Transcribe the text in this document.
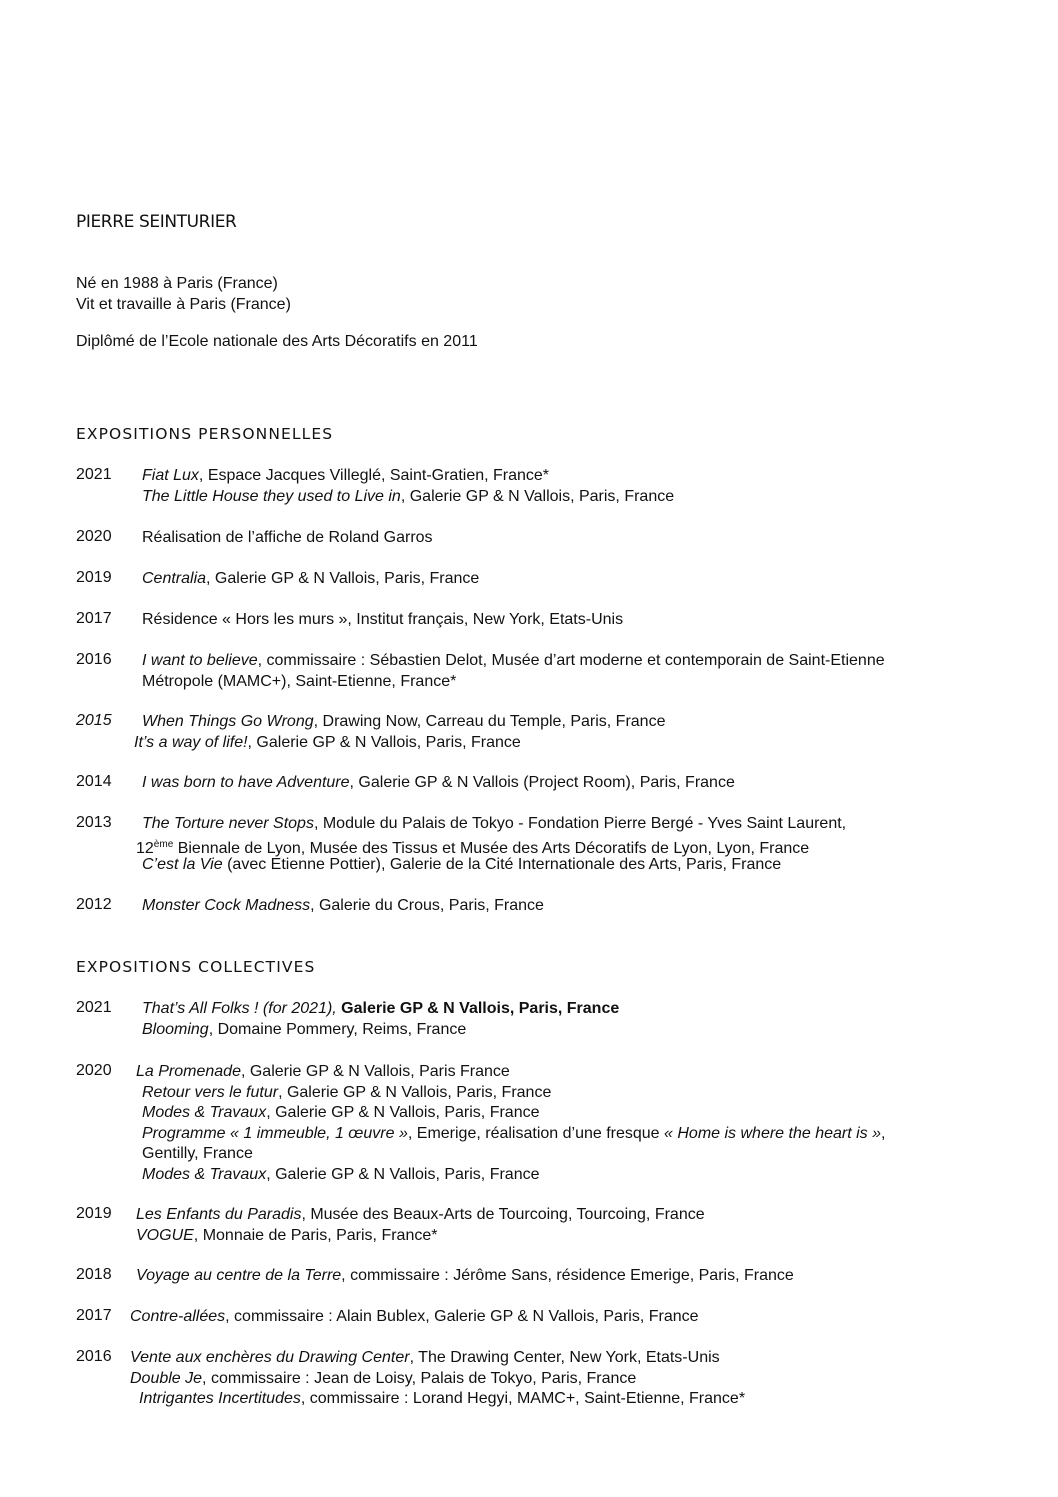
PIERRE SEINTURIER
Né en 1988 à Paris (France)
Vit et travaille à Paris (France)
Diplômé de l’Ecole nationale des Arts Décoratifs en 2011
EXPOSITIONS PERSONNELLES
2021 Fiat Lux, Espace Jacques Villeglé, Saint-Gratien, France*
The Little House they used to Live in, Galerie GP & N Vallois, Paris, France
2020 Réalisation de l’affiche de Roland Garros
2019 Centralia, Galerie GP & N Vallois, Paris, France
2017 Résidence « Hors les murs », Institut français, New York, Etats-Unis
2016 I want to believe, commissaire : Sébastien Delot, Musée d’art moderne et contemporain de Saint-Etienne
Métropole (MAMC+), Saint-Etienne, France*
2015 When Things Go Wrong, Drawing Now, Carreau du Temple, Paris, France
It’s a way of life!, Galerie GP & N Vallois, Paris, France
2014 I was born to have Adventure, Galerie GP & N Vallois (Project Room), Paris, France
2013 The Torture never Stops, Module du Palais de Tokyo - Fondation Pierre Bergé - Yves Saint Laurent,
12ème Biennale de Lyon, Musée des Tissus et Musée des Arts Décoratifs de Lyon, Lyon, France
C’est la Vie (avec Etienne Pottier), Galerie de la Cité Internationale des Arts, Paris, France
2012 Monster Cock Madness, Galerie du Crous, Paris, France
EXPOSITIONS COLLECTIVES
2021 That’s All Folks ! (for 2021), Galerie GP & N Vallois, Paris, France
Blooming, Domaine Pommery, Reims, France
2020 La Promenade, Galerie GP & N Vallois, Paris France
Retour vers le futur, Galerie GP & N Vallois, Paris, France
Modes & Travaux, Galerie GP & N Vallois, Paris, France
Programme « 1 immeuble, 1 œuvre », Emerige, réalisation d’une fresque « Home is where the heart is »,
Gentilly, France
Modes & Travaux, Galerie GP & N Vallois, Paris, France
2019 Les Enfants du Paradis, Musée des Beaux-Arts de Tourcoing, Tourcoing, France
VOGUE, Monnaie de Paris, Paris, France*
2018 Voyage au centre de la Terre, commissaire : Jérôme Sans, résidence Emerige, Paris, France
2017 Contre-allées, commissaire : Alain Bublex, Galerie GP & N Vallois, Paris, France
2016 Vente aux enchères du Drawing Center, The Drawing Center, New York, Etats-Unis
Double Je, commissaire : Jean de Loisy, Palais de Tokyo, Paris, France
Intrigantes Incertitudes, commissaire : Lorand Hegyi, MAMC+, Saint-Etienne, France*
